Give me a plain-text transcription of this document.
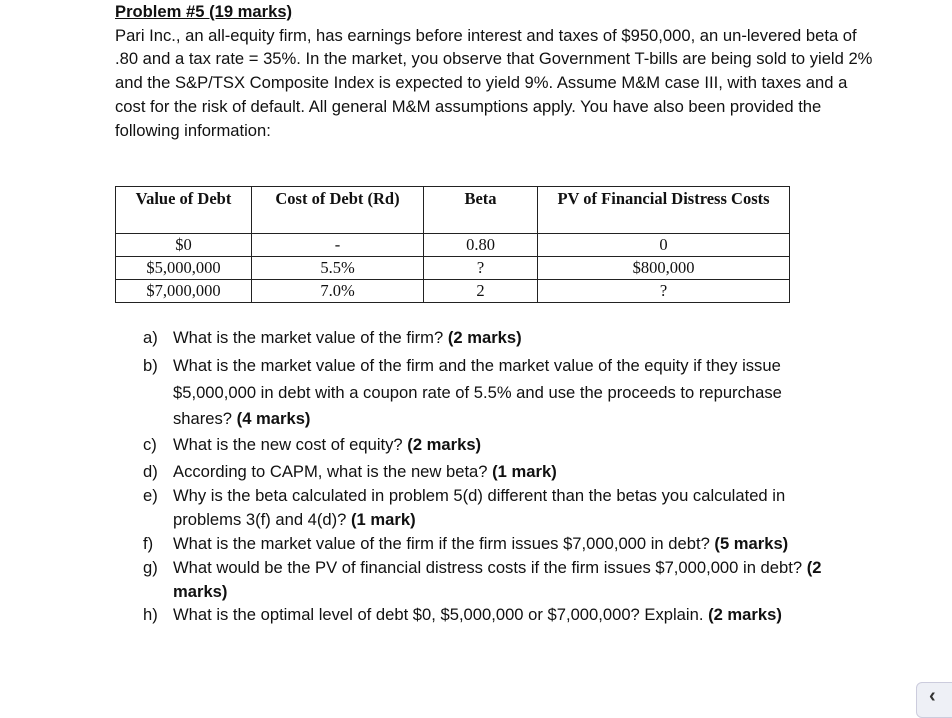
Problem #5 (19 marks)
Pari Inc., an all-equity firm, has earnings before interest and taxes of $950,000, an un-levered beta of .80 and a tax rate = 35%. In the market, you observe that Government T-bills are being sold to yield 2% and the S&P/TSX Composite Index is expected to yield 9%. Assume M&M case III, with taxes and a cost for the risk of default. All general M&M assumptions apply. You have also been provided the following information:
Value of Debt	Cost of Debt (Rd)	Beta	PV of Financial Distress Costs
$0	-	0.80	0
$5,000,000	5.5%	?	$800,000
$7,000,000	7.0%	2	?
a) What is the market value of the firm? (2 marks)
b) What is the market value of the firm and the market value of the equity if they issue $5,000,000 in debt with a coupon rate of 5.5% and use the proceeds to repurchase shares? (4 marks)
c) What is the new cost of equity? (2 marks)
d) According to CAPM, what is the new beta? (1 mark)
e) Why is the beta calculated in problem 5(d) different than the betas you calculated in problems 3(f) and 4(d)? (1 mark)
f) What is the market value of the firm if the firm issues $7,000,000 in debt? (5 marks)
g) What would be the PV of financial distress costs if the firm issues $7,000,000 in debt? (2 marks)
h) What is the optimal level of debt $0, $5,000,000 or $7,000,000? Explain. (2 marks)
‹
